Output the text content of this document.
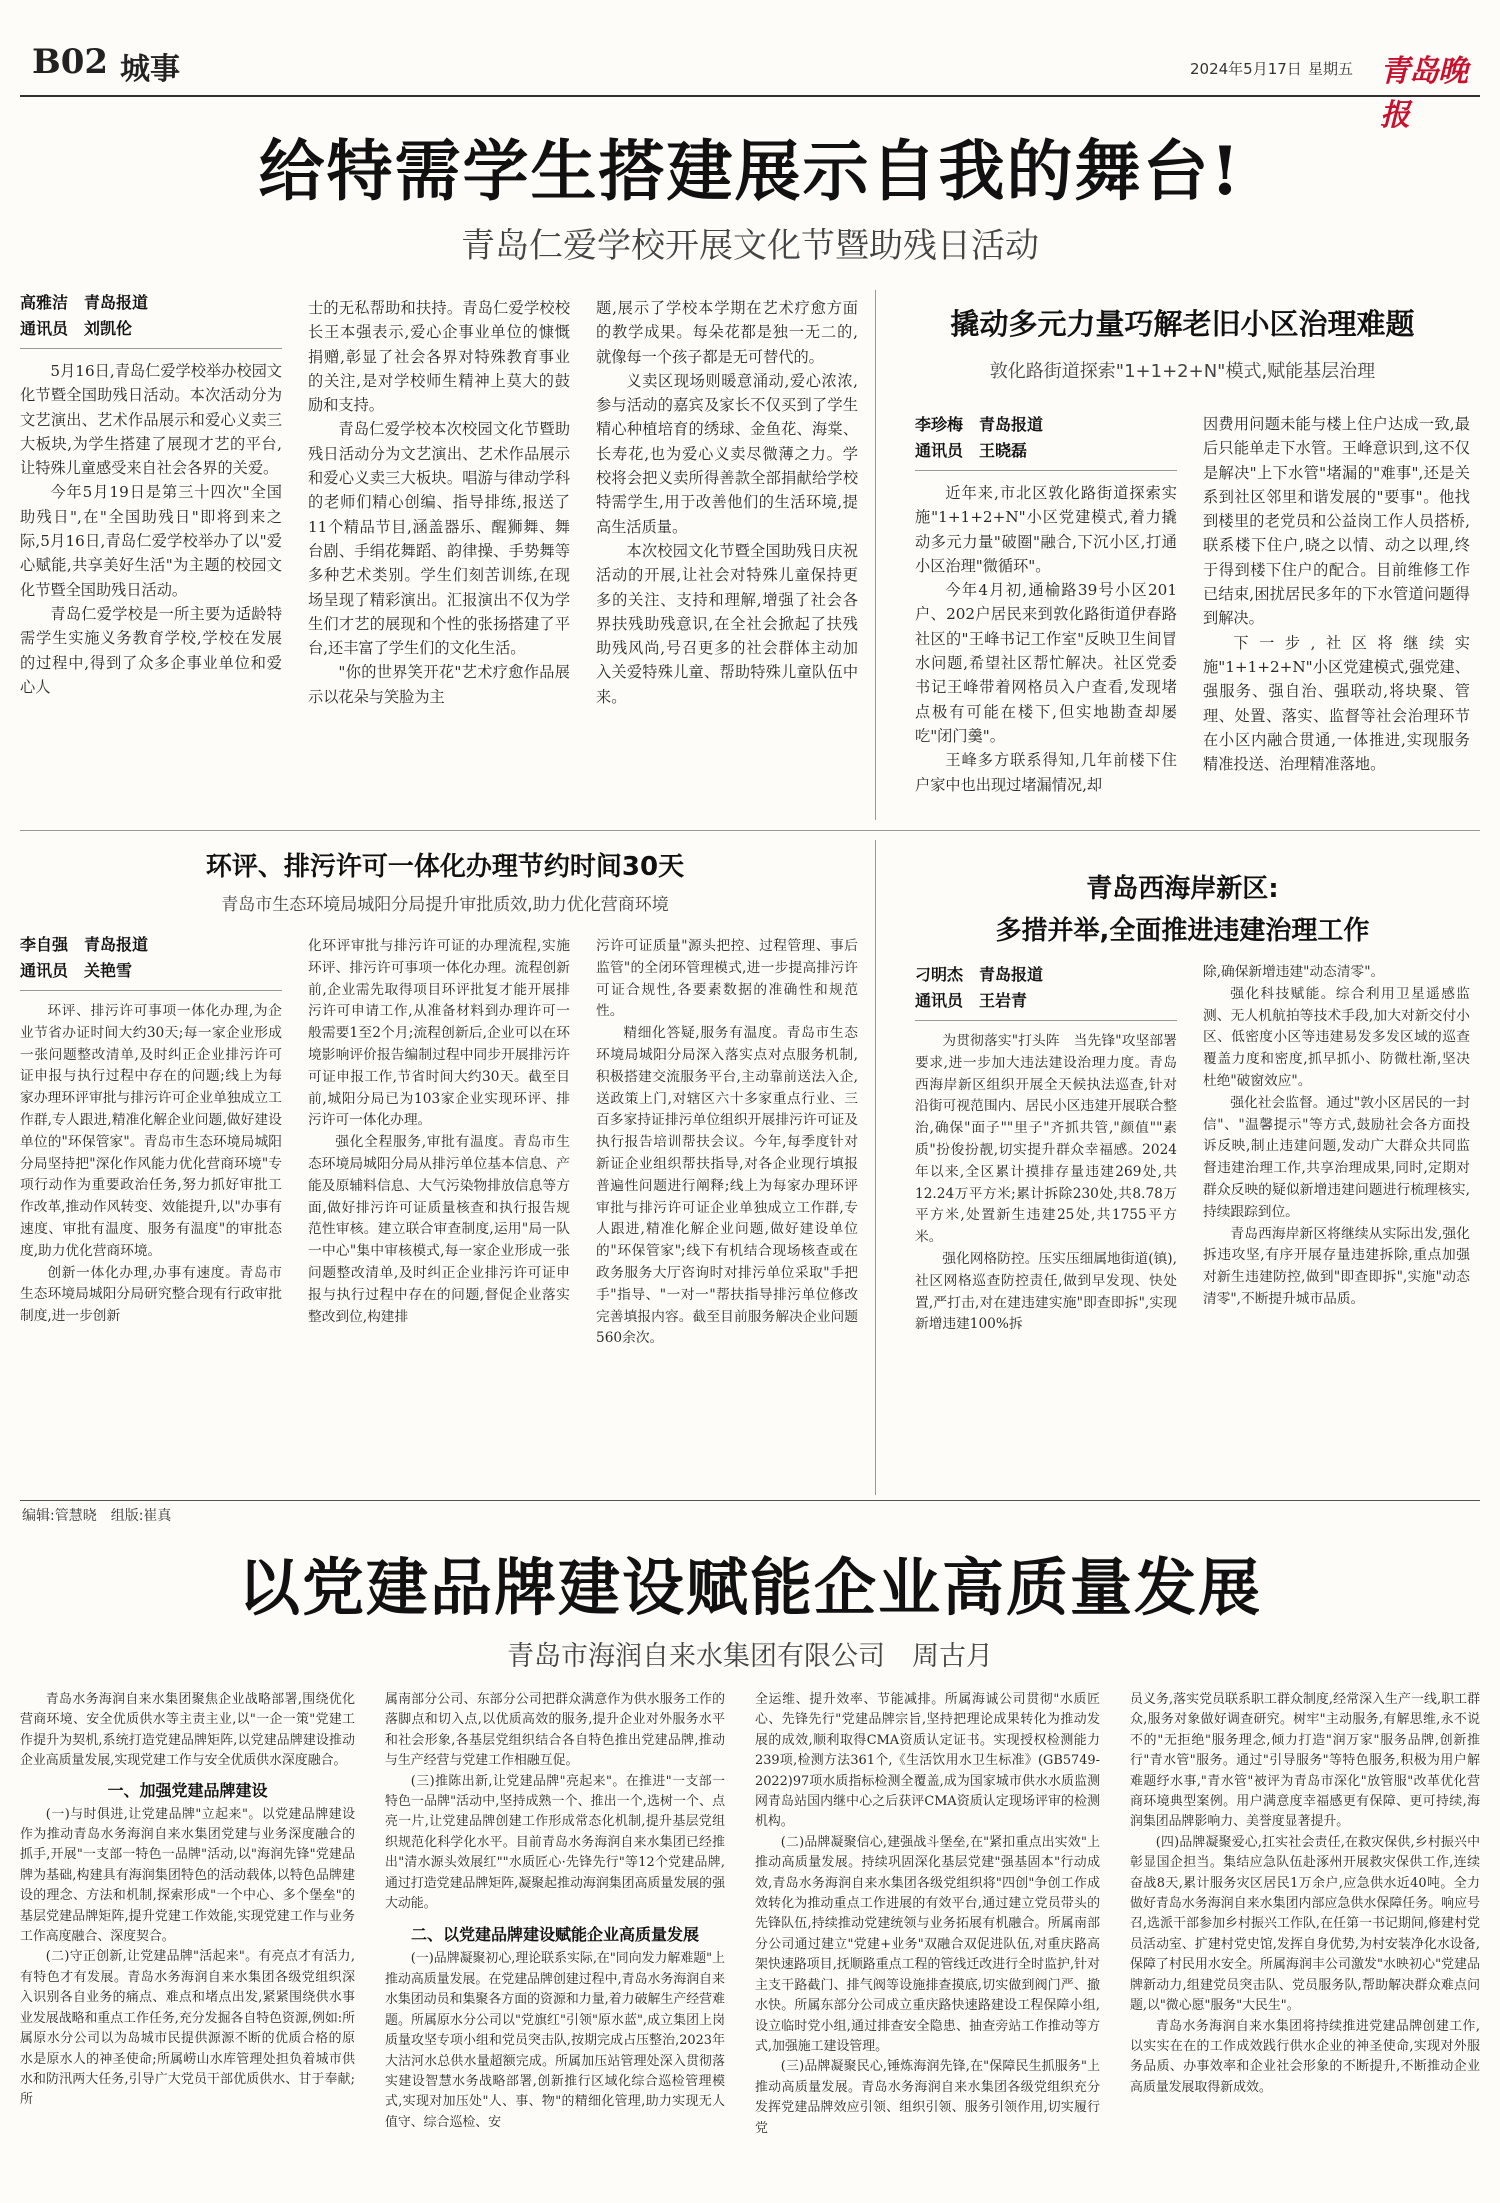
B02 城事	2024年5月17日 星期五 青岛晚报
给特需学生搭建展示自我的舞台!
青岛仁爱学校开展文化节暨助残日活动
高雅洁　青岛报道
通讯员　刘凯伦

5月16日,青岛仁爱学校举办校园文化节暨全国助残日活动。本次活动分为文艺演出、艺术作品展示和爱心义卖三大板块,为学生搭建了展现才艺的平台,让特殊儿童感受来自社会各界的关爱。

今年5月19日是第三十四次"全国助残日",在"全国助残日"即将到来之际,5月16日,青岛仁爱学校举办了以"爱心赋能,共享美好生活"为主题的校园文化节暨全国助残日活动。

青岛仁爱学校是一所主要为适龄特需学生实施义务教育学校,学校在发展的过程中,得到了众多企事业单位和爱心人

士的无私帮助和扶持。青岛仁爱学校校长王本强表示,爱心企事业单位的慷慨捐赠,彰显了社会各界对特殊教育事业的关注,是对学校师生精神上莫大的鼓励和支持。

青岛仁爱学校本次校园文化节暨助残日活动分为文艺演出、艺术作品展示和爱心义卖三大板块。唱游与律动学科的老师们精心创编、指导排练,报送了11个精品节目,涵盖器乐、醒狮舞、舞台剧、手绢花舞蹈、韵律操、手势舞等多种艺术类别。学生们刻苦训练,在现场呈现了精彩演出。汇报演出不仅为学生们才艺的展现和个性的张扬搭建了平台,还丰富了学生们的文化生活。

"你的世界笑开花"艺术疗愈作品展示以花朵与笑脸为主

题,展示了学校本学期在艺术疗愈方面的教学成果。每朵花都是独一无二的,就像每一个孩子都是无可替代的。

义卖区现场则暖意涌动,爱心浓浓,参与活动的嘉宾及家长不仅买到了学生精心种植培育的绣球、金鱼花、海棠、长寿花,也为爱心义卖尽微薄之力。学校将会把义卖所得善款全部捐献给学校特需学生,用于改善他们的生活环境,提高生活质量。

本次校园文化节暨全国助残日庆祝活动的开展,让社会对特殊儿童保持更多的关注、支持和理解,增强了社会各界扶残助残意识,在全社会掀起了扶残助残风尚,号召更多的社会群体主动加入关爱特殊儿童、帮助特殊儿童队伍中来。

撬动多元力量巧解老旧小区治理难题
敦化路街道探索"1+1+2+N"模式,赋能基层治理
李珍梅　青岛报道
通讯员　王晓磊

近年来,市北区敦化路街道探索实施"1+1+2+N"小区党建模式,着力撬动多元力量"破圈"融合,下沉小区,打通小区治理"微循环"。

今年4月初,通榆路39号小区201户、202户居民来到敦化路街道伊春路社区的"王峰书记工作室"反映卫生间冒水问题,希望社区帮忙解决。社区党委书记王峰带着网格员入户查看,发现堵点极有可能在楼下,但实地勘查却屡吃"闭门羹"。

王峰多方联系得知,几年前楼下住户家中也出现过堵漏情况,却

因费用问题未能与楼上住户达成一致,最后只能单走下水管。王峰意识到,这不仅是解决"上下水管"堵漏的"难事",还是关系到社区邻里和谐发展的"要事"。他找到楼里的老党员和公益岗工作人员搭桥,联系楼下住户,晓之以情、动之以理,终于得到楼下住户的配合。目前维修工作已结束,困扰居民多年的下水管道问题得到解决。

下一步,社区将继续实施"1+1+2+N"小区党建模式,强党建、强服务、强自治、强联动,将块聚、管理、处置、落实、监督等社会治理环节在小区内融合贯通,一体推进,实现服务精准投送、治理精准落地。

环评、排污许可一体化办理节约时间30天
青岛市生态环境局城阳分局提升审批质效,助力优化营商环境
李自强　青岛报道
通讯员　关艳雪

环评、排污许可事项一体化办理,为企业节省办证时间大约30天;每一家企业形成一张问题整改清单,及时纠正企业排污许可证申报与执行过程中存在的问题;线上为每家办理环评审批与排污许可企业单独成立工作群,专人跟进,精准化解企业问题,做好建设单位的"环保管家"。青岛市生态环境局城阳分局坚持把"深化作风能力优化营商环境"专项行动作为重要政治任务,努力抓好审批工作改革,推动作风转变、效能提升,以"办事有速度、审批有温度、服务有温度"的审批态度,助力优化营商环境。

创新一体化办理,办事有速度。青岛市生态环境局城阳分局研究整合现有行政审批制度,进一步创新

化环评审批与排污许可证的办理流程,实施环评、排污许可事项一体化办理。流程创新前,企业需先取得项目环评批复才能开展排污许可申请工作,从准备材料到办理许可一般需要1至2个月;流程创新后,企业可以在环境影响评价报告编制过程中同步开展排污许可证申报工作,节省时间大约30天。截至目前,城阳分局已为103家企业实现环评、排污许可一体化办理。

强化全程服务,审批有温度。青岛市生态环境局城阳分局从排污单位基本信息、产能及原辅料信息、大气污染物排放信息等方面,做好排污许可证质量核查和执行报告规范性审核。建立联合审查制度,运用"局一队一中心"集中审核模式,每一家企业形成一张问题整改清单,及时纠正企业排污许可证申报与执行过程中存在的问题,督促企业落实整改到位,构建排

污许可证质量"源头把控、过程管理、事后监管"的全闭环管理模式,进一步提高排污许可证合规性,各要素数据的准确性和规范性。

精细化答疑,服务有温度。青岛市生态环境局城阳分局深入落实点对点服务机制,积极搭建交流服务平台,主动靠前送法入企,送政策上门,对辖区六十多家重点行业、三百多家持证排污单位组织开展排污许可证及执行报告培训帮扶会议。今年,每季度针对新证企业组织帮扶指导,对各企业现行填报普遍性问题进行阐释;线上为每家办理环评审批与排污许可证企业单独成立工作群,专人跟进,精准化解企业问题,做好建设单位的"环保管家";线下有机结合现场核查或在政务服务大厅咨询时对排污单位采取"手把手"指导、"一对一"帮扶指导排污单位修改完善填报内容。截至目前服务解决企业问题560余次。

青岛西海岸新区:
多措并举,全面推进违建治理工作
刁明杰　青岛报道
通讯员　王岩青

为贯彻落实"打头阵　当先锋"攻坚部署要求,进一步加大违法建设治理力度。青岛西海岸新区组织开展全天候执法巡查,针对沿街可视范围内、居民小区违建开展联合整治,确保"面子""里子"齐抓共管,"颜值""素质"扮俊扮靓,切实提升群众幸福感。2024年以来,全区累计摸排存量违建269处,共12.24万平方米;累计拆除230处,共8.78万平方米,处置新生违建25处,共1755平方米。

强化网格防控。压实压细属地街道(镇),社区网格巡查防控责任,做到早发现、快处置,严打击,对在建违建实施"即查即拆",实现新增违建100%拆

除,确保新增违建"动态清零"。

强化科技赋能。综合利用卫星遥感监测、无人机航拍等技术手段,加大对新交付小区、低密度小区等违建易发多发区域的巡查覆盖力度和密度,抓早抓小、防微杜渐,坚决杜绝"破窗效应"。

强化社会监督。通过"敦小区居民的一封信"、"温馨提示"等方式,鼓励社会各方面投诉反映,制止违建问题,发动广大群众共同监督违建治理工作,共享治理成果,同时,定期对群众反映的疑似新增违建问题进行梳理核实,持续跟踪到位。

青岛西海岸新区将继续从实际出发,强化拆违攻坚,有序开展存量违建拆除,重点加强对新生违建防控,做到"即查即拆",实施"动态清零",不断提升城市品质。

编辑:管慧晓　组版:崔真
以党建品牌建设赋能企业高质量发展
青岛市海润自来水集团有限公司　周古月

青岛水务海润自来水集团聚焦企业战略部署,围绕优化营商环境、安全优质供水等主责主业,以"一企一策"党建工作提升为契机,系统打造党建品牌矩阵,以党建品牌建设推动企业高质量发展,实现党建工作与安全优质供水深度融合。

一、加强党建品牌建设

(一)与时俱进,让党建品牌"立起来"。以党建品牌建设作为推动青岛水务海润自来水集团党建与业务深度融合的抓手,开展"一支部一特色一品牌"活动,以"海润先锋"党建品牌为基础,构建具有海润集团特色的活动载体,以特色品牌建设的理念、方法和机制,探索形成"一个中心、多个堡垒"的基层党建品牌矩阵,提升党建工作效能,实现党建工作与业务工作高度融合、深度契合。

(二)守正创新,让党建品牌"活起来"。有亮点才有活力,有特色才有发展。青岛水务海润自来水集团各级党组织深入识别各自业务的痛点、难点和堵点出发,紧紧围绕供水事业发展战略和重点工作任务,充分发掘各自特色资源,例如:所属原水分公司以为岛城市民提供源源不断的优质合格的原水是原水人的神圣使命;所属崂山水库管理处担负着城市供水和防汛两大任务,引导广大党员干部优质供水、甘于奉献;所

属南部分公司、东部分公司把群众满意作为供水服务工作的落脚点和切入点,以优质高效的服务,提升企业对外服务水平和社会形象,各基层党组织结合各自特色推出党建品牌,推动与生产经营与党建工作相融互促。

(三)推陈出新,让党建品牌"亮起来"。在推进"一支部一特色一品牌"活动中,坚持成熟一个、推出一个,选树一个、点亮一片,让党建品牌创建工作形成常态化机制,提升基层党组织规范化科学化水平。目前青岛水务海润自来水集团已经推出"清水源头效展红""水质匠心·先锋先行"等12个党建品牌,通过打造党建品牌矩阵,凝聚起推动海润集团高质量发展的强大动能。

二、以党建品牌建设赋能企业高质量发展

(一)品牌凝聚初心,理论联系实际,在"同向发力解难题"上推动高质量发展。在党建品牌创建过程中,青岛水务海润自来水集团动员和集聚各方面的资源和力量,着力破解生产经营难题。所属原水分公司以"党旗红"引领"原水蓝",成立集团上岗质量攻坚专项小组和党员突击队,按期完成占压整治,2023年大沽河水总供水量超额完成。所属加压站管理处深入贯彻落实建设智慧水务战略部署,创新推行区域化综合巡检管理模式,实现对加压处"人、事、物"的精细化管理,助力实现无人值守、综合巡检、安

全运维、提升效率、节能减排。所属海诚公司贯彻"水质匠心、先锋先行"党建品牌宗旨,坚持把理论成果转化为推动发展的成效,顺利取得CMA资质认定证书。实现授权检测能力239项,检测方法361个,《生活饮用水卫生标准》(GB5749-2022)97项水质指标检测全覆盖,成为国家城市供水水质监测网青岛站国内继中心之后获评CMA资质认定现场评审的检测机构。

(二)品牌凝聚信心,建强战斗堡垒,在"紧扣重点出实效"上推动高质量发展。持续巩固深化基层党建"强基固本"行动成效,青岛水务海润自来水集团各级党组织将"四创"争创工作成效转化为推动重点工作进展的有效平台,通过建立党员带头的先锋队伍,持续推动党建统领与业务拓展有机融合。所属南部分公司通过建立"党建+业务"双融合双促进队伍,对重庆路高架快速路项目,抚顺路重点工程的管线迁改进行全时监护,针对主支干路截门、排气阀等设施排查摸底,切实做到阀门严、撤水快。所属东部分公司成立重庆路快速路建设工程保障小组,设立临时党小组,通过排查安全隐患、抽查旁站工作推动等方式,加强施工建设管理。

(三)品牌凝聚民心,锤炼海润先锋,在"保障民生抓服务"上推动高质量发展。青岛水务海润自来水集团各级党组织充分发挥党建品牌效应引领、组织引领、服务引领作用,切实履行党

员义务,落实党员联系职工群众制度,经常深入生产一线,职工群众,服务对象做好调查研究。树牢"主动服务,有解思维,永不说不的"无拒绝"服务理念,倾力打造"润万家"服务品牌,创新推行"青水管"服务。通过"引导服务"等特色服务,积极为用户解难题纾水事,"青水管"被评为青岛市深化"放管服"改革优化营商环境典型案例。用户满意度幸福感更有保障、更可持续,海润集团品牌影响力、美誉度显著提升。

(四)品牌凝聚爱心,扛实社会责任,在救灾保供,乡村振兴中彰显国企担当。集结应急队伍赴涿州开展救灾保供工作,连续奋战8天,累计服务灾区居民1万余户,应急供水近40吨。全力做好青岛水务海润自来水集团内部应急供水保障任务。响应号召,选派干部参加乡村振兴工作队,在任第一书记期间,修建村党员活动室、扩建村党史馆,发挥自身优势,为村安装净化水设备,保障了村民用水安全。所属海润丰公司激发"水映初心"党建品牌新动力,组建党员突击队、党员服务队,帮助解决群众难点问题,以"微心愿"服务"大民生"。

青岛水务海润自来水集团将持续推进党建品牌创建工作,以实实在在的工作成效践行供水企业的神圣使命,实现对外服务品质、办事效率和企业社会形象的不断提升,不断推动企业高质量发展取得新成效。
